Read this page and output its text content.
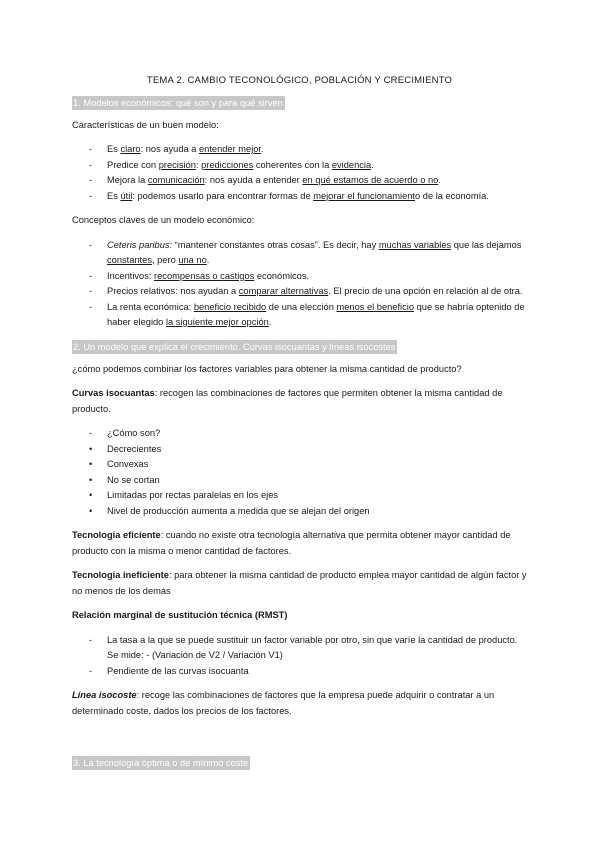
TEMA 2. CAMBIO TECONOLÓGICO, POBLACIÓN Y CRECIMIENTO
1. Modelos económicos: qué son y para qué sirven

Características de un buen modelo:

-	Es claro: nos ayuda a entender mejor.
-	Predice con precisión: predicciones coherentes con la evidencia.
-	Mejora la comunicación: nos ayuda a entender en qué estamos de acuerdo o no.
-	Es útil: podemos usarlo para encontrar formas de mejorar el funcionamiento de la economía.

Conceptos claves de un modelo económico:

-	Ceteris paribus: “mantener constantes otras cosas”. Es decir, hay muchas variables que las dejamos constantes, pero una no.
-	Incentivos: recompensas o castigos económicos.
-	Precios relativos: nos ayudan a comparar alternativas. El precio de una opción en relación al de otra.
-	La renta económica: beneficio recibido de una elección menos el beneficio que se habría optenido de haber elegido la siguiente mejor opción.
2. Un modelo que explica el crecimiento. Curvas isocuantas y líneas isocostes

¿cómo podemos combinar los factores variables para obtener la misma cantidad de producto?

Curvas isocuantas: recogen las combinaciones de factores que permiten obtener la misma cantidad de producto.

-	¿Cómo son?
•	Decrecientes
•	Convexas
•	No se cortan
•	Limitadas por rectas paralelas en los ejes
•	Nivel de producción aumenta a medida que se alejan del origen

Tecnología eficiente: cuando no existe otra tecnología alternativa que permita obtener mayor cantidad de producto con la misma o menor cantidad de factores.

Tecnología ineficiente: para obtener la misma cantidad de producto emplea mayor cantidad de algún factor y no menos de los demás

Relación marginal de sustitución técnica (RMST)

-	La tasa a la que se puede sustituir un factor variable por otro, sin que varíe la cantidad de producto. Se mide: - (Variación de V2 / Variación V1)
-	Pendiente de las curvas isocuanta

Línea isocoste: recoge las combinaciones de factores que la empresa puede adquirir o contratar a un determinado coste, dados los precios de los factores.

3. La tecnología óptima o de mínimo coste
